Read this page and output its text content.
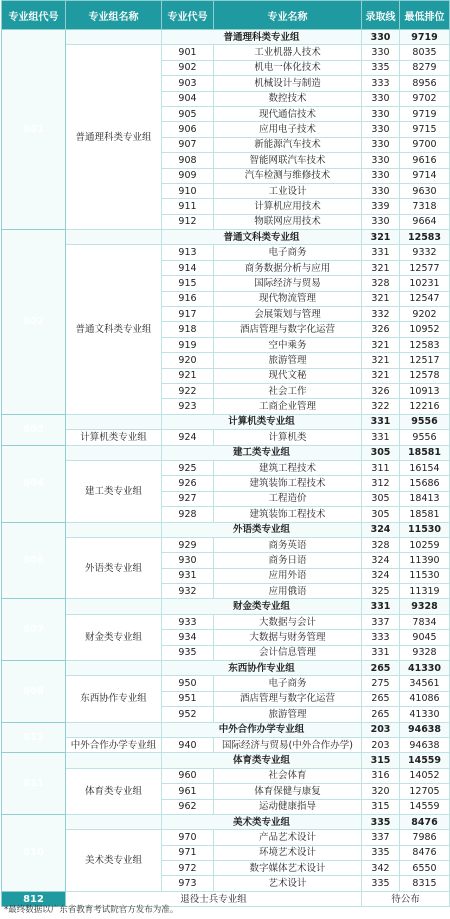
专业组代号	专业组名称	专业代号	专业名称	录取线	最低排位
801		普通理科类专业组		330	9719
	普通理科类专业组	901	工业机器人技术	330	8035
		902	机电一体化技术	335	8279
		903	机械设计与制造	333	8956
		904	数控技术	330	9702
		905	现代通信技术	330	9719
		906	应用电子技术	330	9715
		907	新能源汽车技术	330	9700
		908	智能网联汽车技术	330	9616
		909	汽车检测与维修技术	330	9714
		910	工业设计	330	9630
		911	计算机应用技术	339	7318
		912	物联网应用技术	330	9664
802		普通文科类专业组		321	12583
	普通文科类专业组	913	电子商务	331	9332
		914	商务数据分析与应用	321	12577
		915	国际经济与贸易	328	10231
		916	现代物流管理	321	12547
		917	会展策划与管理	332	9202
		918	酒店管理与数字化运营	326	10952
		919	空中乘务	321	12583
		920	旅游管理	321	12517
		921	现代文秘	321	12578
		922	社会工作	326	10913
		923	工商企业管理	322	12216
803		计算机类专业组		331	9556
	计算机类专业组	924	计算机类	331	9556
804		建工类专业组		305	18581
	建工类专业组	925	建筑工程技术	311	16154
		926	建筑装饰工程技术	312	15686
		927	工程造价	305	18413
		928	建筑装饰工程技术	305	18581
806		外语类专业组		324	11530
	外语类专业组	929	商务英语	328	10259
		930	商务日语	324	11390
		931	应用外语	324	11530
		932	应用俄语	325	11319
807		财金类专业组		331	9328
	财金类专业组	933	大数据与会计	337	7834
		934	大数据与财务管理	333	9045
		935	会计信息管理	331	9328
808		东西协作专业组		265	41330
	东西协作专业组	950	电子商务	275	34561
		951	酒店管理与数字化运营	265	41086
		952	旅游管理	265	41330
813		中外合作办学专业组		203	94638
	中外合作办学专业组	940	国际经济与贸易(中外合作办学)	203	94638
811		体育类专业组		315	14559
	体育类专业组	960	社会体育	316	14052
		961	体育保健与康复	320	12705
		962	运动健康指导	315	14559
810		美术类专业组		335	8476
	美术类专业组	970	产品艺术设计	337	7986
		971	环境艺术设计	335	8476
		972	数字媒体艺术设计	342	6550
		973	艺术设计	335	8315
812	退役士兵专业组			待公布	
*最终数据以广东省教育考试院官方发布为准。
